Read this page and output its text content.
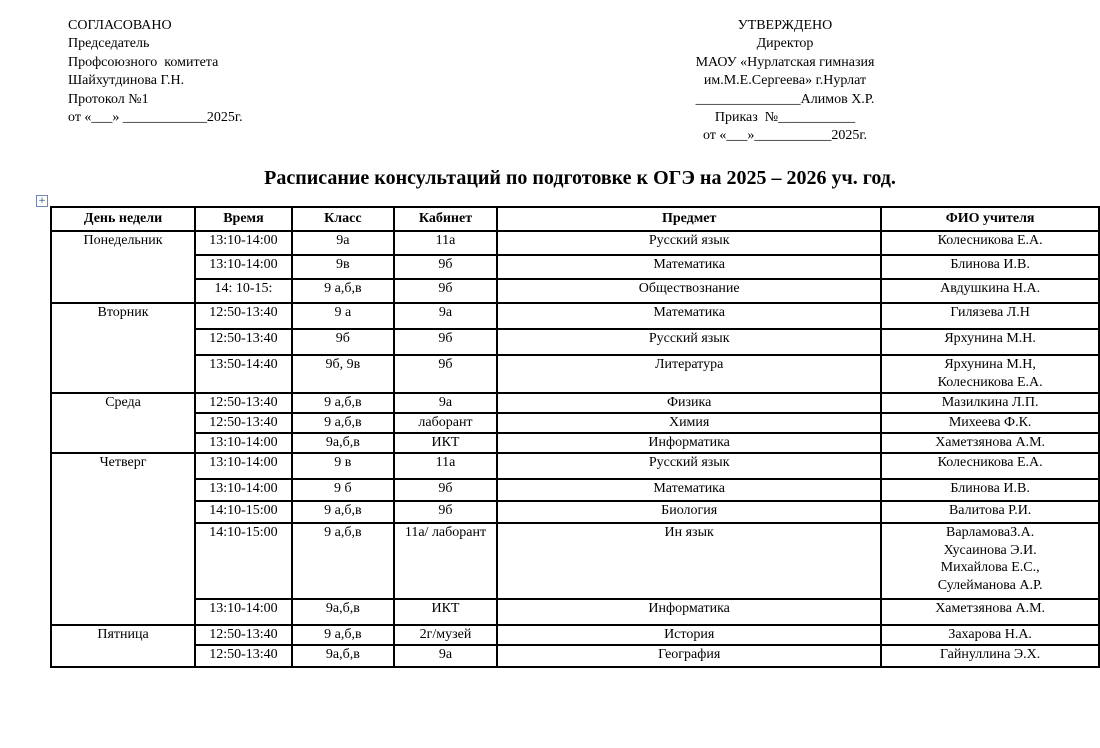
СОГЛАСОВАНО
Председатель
Профсоюзного  комитета
Шайхутдинова Г.Н.
Протокол №1
от «___» ____________2025г.
УТВЕРЖДЕНО
Директор
МАОУ «Нурлатская гимназия
им.М.Е.Сергеева» г.Нурлат
_______________Алимов Х.Р.
Приказ  №___________
от «___»___________2025г.
Расписание консультаций по подготовке к ОГЭ на 2025 – 2026 уч. год.
+
День недели	Время	Класс	Кабинет	Предмет	ФИО учителя
Понедельник	13:10-14:00	9а	11а	Русский язык	Колесникова Е.А.

	13:10-14:00	9в	9б	Математика	Блинова И.В.

	14: 10-15:	9 а,б,в	9б	Обществознание	Авдушкина Н.А.

Вторник	12:50-13:40	9 а	9а	Математика	Гилязева Л.Н

	12:50-13:40	9б	9б	Русский язык	Ярхунина М.Н.

	13:50-14:40	9б, 9в	9б	Литература	Ярхунина М.Н,
Колесникова Е.А.

Среда	12:50-13:40	9 а,б,в	9а	Физика	Мазилкина Л.П.

	12:50-13:40	9 а,б,в	лаборант	Химия	Михеева Ф.К.

	13:10-14:00	9а,б,в	ИКТ	Информатика	Хаметзянова А.М.

Четверг	13:10-14:00	9 в	11а	Русский язык	Колесникова Е.А.

	13:10-14:00	9 б	9б	Математика	Блинова И.В.

	14:10-15:00	9 а,б,в	9б	Биология	Валитова Р.И.

	14:10-15:00	9 а,б,в	11а/ лаборант	Ин язык	ВарламоваЗ.А.
Хусаинова Э.И.
Михайлова Е.С.,
Сулейманова А.Р.

	13:10-14:00	9а,б,в	ИКТ	Информатика	Хаметзянова А.М.

Пятница	12:50-13:40	9 а,б,в	2г/музей	История	Захарова Н.А.

	12:50-13:40	9а,б,в	9а	География	Гайнуллина Э.Х.
